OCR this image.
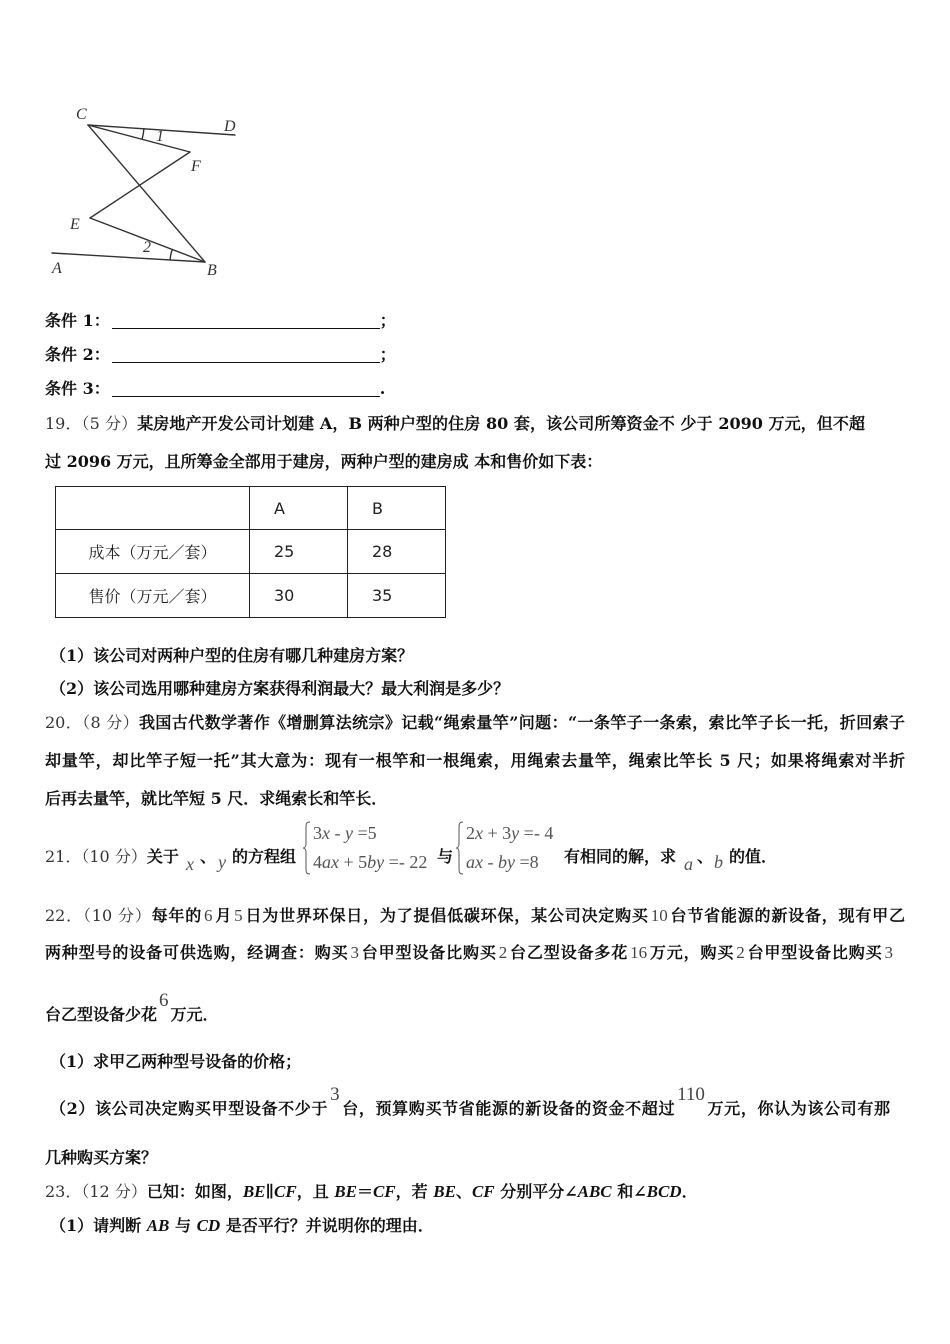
C
D
F
E
A	B
1
2
条件 1：	；
条件 2：	；
条件 3：	.
19．（5 分）某房地产开发公司计划建 A，B 两种户型的住房 80 套，该公司所筹资金不 少于 2090 万元，但不超
过 2096 万元，且所筹金全部用于建房，两种户型的建房成 本和售价如下表：
	A	B
成本（万元／套）	25	28
售价（万元／套）	30	35
（1）该公司对两种户型的住房有哪几种建房方案？
（2）该公司选用哪种建房方案获得利润最大？最大利润是多少？
20．（8 分）我国古代数学著作《增删算法统宗》记载“绳索量竿”问题：“一条竿子一条索，索比竿子长一托，折回索子
却量竿，却比竿子短一托”其大意为：现有一根竿和一根绳索，用绳索去量竿，绳索比竿长 5 尺；如果将绳索对半折
后再去量竿，就比竿短 5 尺．求绳索长和竿长．
21．（10 分）关于 x 、 y 的方程组
3x - y =5
4ax + 5by =- 22 与
2x + 3y =- 4
ax - by =8 有相同的解，求 a 、 b 的值．
22．（10 分）每年的 6 月 5 日为世界环保日，为了提倡低碳环保，某公司决定购买 10 台节省能源的新设备，现有甲乙
两种型号的设备可供选购，经调查：购买 3 台甲型设备比购买 2 台乙型设备多花 16 万元，购买 2 台甲型设备比购买 3
台乙型设备少花6万元．
（1）求甲乙两种型号设备的价格；
（2）该公司决定购买甲型设备不少于3台，预算购买节省能源的新设备的资金不超过110万元，你认为该公司有那
几种购买方案？
23．（12 分）已知：如图，BE∥CF，且 BE＝CF，若 BE、CF 分别平分∠ABC 和∠BCD．
（1）请判断 AB 与 CD 是否平行？并说明你的理由．
